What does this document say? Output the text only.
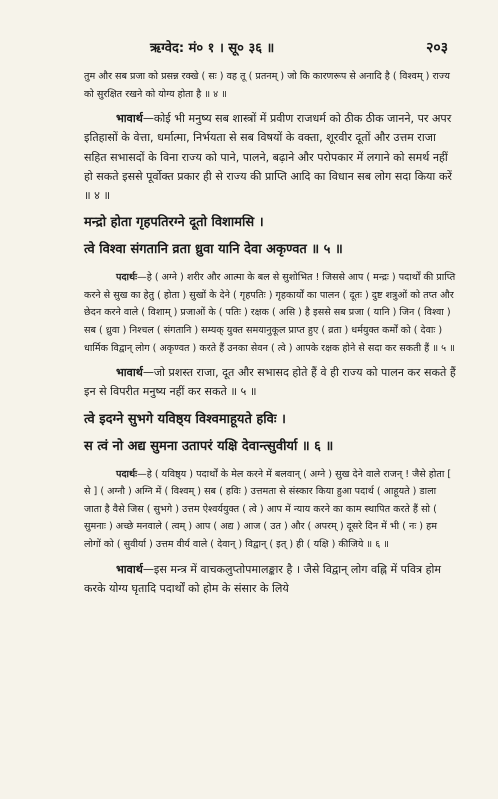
ऋग्वेद: मं० १ । सू० ३६ ॥	२०३

तुम और सब प्रजा को प्रसन्न रक्खे ( सः ) वह तू ( प्रतनम् ) जो कि कारणरूप से अनादि है ( विश्वम् ) राज्य को सुरक्षित रखने को योग्य होता है ॥ ४ ॥

भावार्थ—कोई भी मनुष्य सब शास्त्रों में प्रवीण राजधर्म को ठीक ठीक जानने, पर अपर इतिहासों के वेत्ता, धर्मात्मा, निर्भयता से सब विषयों के वक्ता, शूरवीर दूतों और उत्तम राजा सहित सभासदों के विना राज्य को पाने, पालने, बढ़ाने और परोपकार में लगाने को समर्थ नहीं हो सकते इससे पूर्वोक्त प्रकार ही से राज्य की प्राप्ति आदि का विधान सब लोग सदा किया करें ॥ ४ ॥

मन्द्रो होता गृहपतिरग्ने दूतो विशामसि ।

त्वे विश्वा संगतानि व्रता ध्रुवा यानि देवा अकृण्वत ॥ ५ ॥

पदार्थः—हे ( अग्ने ) शरीर और आत्मा के बल से सुशोभित ! जिससे आप ( मन्द्रः ) पदार्थों की प्राप्ति करने से सुख का हेतु ( होता ) सुखों के देने ( गृहपतिः ) गृहकार्यों का पालन ( दूतः ) दुष्ट शत्रुओं को तप्त और छेदन करने वाले ( विशाम् ) प्रजाओं के ( पतिः ) रक्षक ( असि ) है इससे सब प्रजा ( यानि ) जिन ( विश्वा ) सब ( ध्रुवा ) निश्चल ( संगतानि ) सम्यक् युक्त समयानुकूल प्राप्त हुए ( व्रता ) धर्मयुक्त कर्मों को ( देवाः ) धार्मिक विद्वान् लोग ( अकृण्वत ) करते हैं उनका सेवन ( त्वे ) आपके रक्षक होने से सदा कर सकती हैं ॥ ५ ॥

भावार्थ—जो प्रशस्त राजा, दूत और सभासद होते हैं वे ही राज्य को पालन कर सकते हैं इन से विपरीत मनुष्य नहीं कर सकते ॥ ५ ॥

त्वे इदग्ने सुभगे यविष्ठ्य विश्वमाहूयते हविः ।

स त्वं नो अद्य सुमना उतापरं यक्षि देवान्त्सुवीर्या ॥ ६ ॥

पदार्थः—हे ( यविष्ठ्य ) पदार्थों के मेल करने में बलवान् ( अग्ने ) सुख देने वाले राजन् ! जैसे होता [ से ] ( अग्नौ ) अग्नि में ( विश्वम् ) सब ( हविः ) उत्तमता से संस्कार किया हुआ पदार्थ ( आहूयते ) डाला जाता है वैसे जिस ( सुभगे ) उत्तम ऐश्वर्ययुक्त ( त्वे ) आप में न्याय करने का काम स्थापित करते हैं सो ( सुमनाः ) अच्छे मनवाले ( त्वम् ) आप ( अद्य ) आज ( उत ) और ( अपरम् ) दूसरे दिन में भी ( नः ) हम लोगों को ( सुवीर्या ) उत्तम वीर्य वाले ( देवान् ) विद्वान् ( इत् ) ही ( यक्षि ) कीजिये ॥ ६ ॥

भावार्थ—इस मन्त्र में वाचकलुप्तोपमालङ्कार है । जैसे विद्वान् लोग वह्नि में पवित्र होम करके योग्य घृतादि पदार्थों को होम के संसार के लिये
